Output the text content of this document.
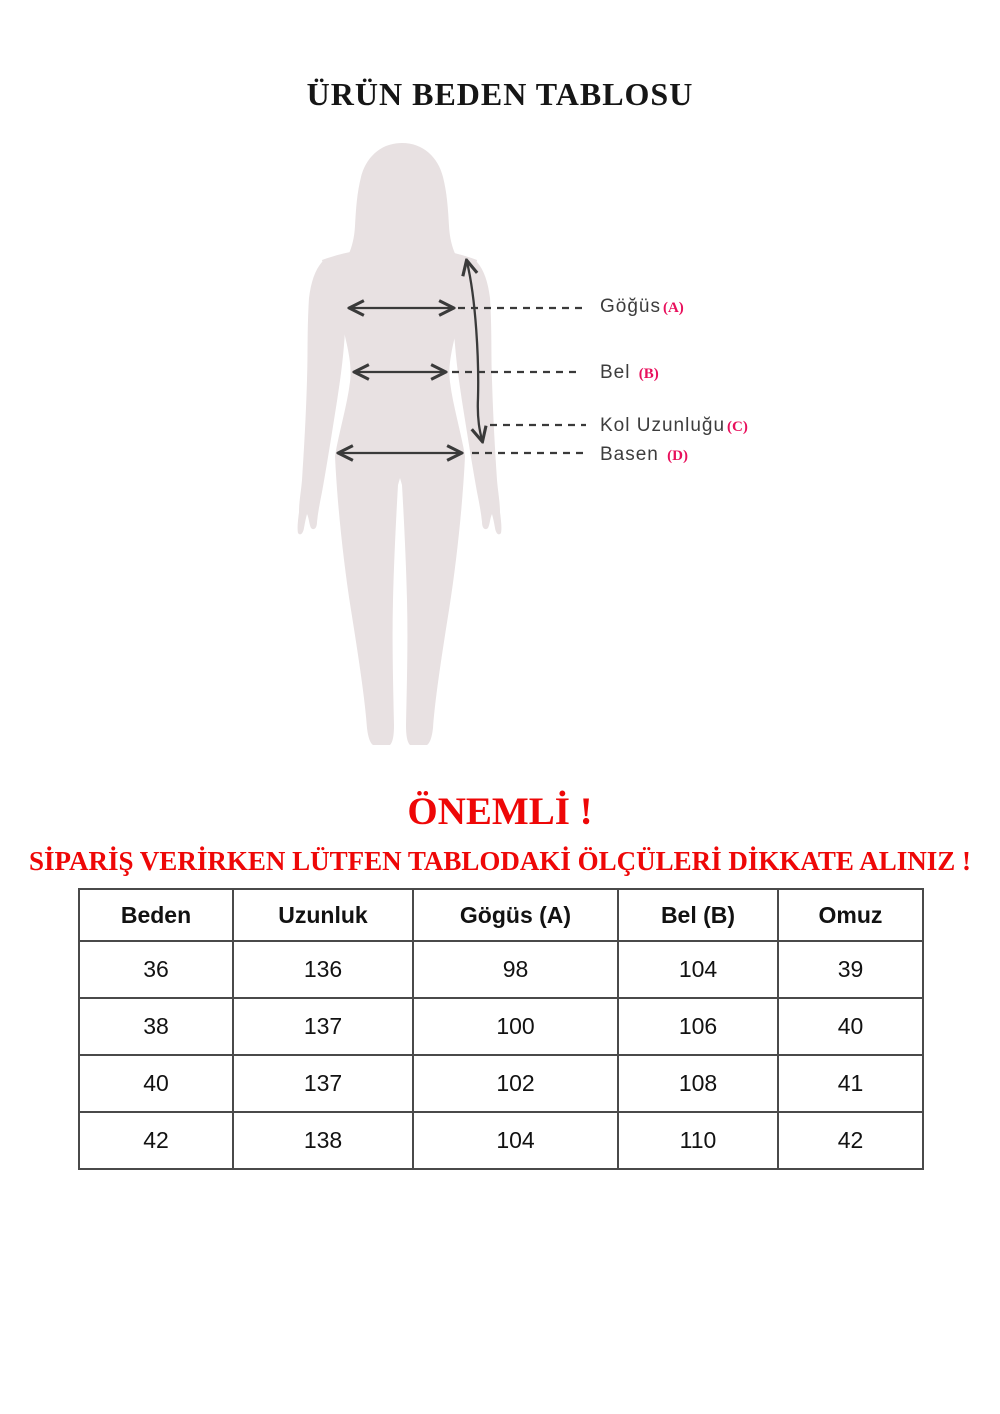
ÜRÜN BEDEN TABLOSU
Göğüs (A)
Bel (B)
Kol Uzunluğu (C)
Basen (D)
ÖNEMLİ !
SİPARİŞ VERİRKEN LÜTFEN TABLODAKİ ÖLÇÜLERİ DİKKATE ALINIZ !
Beden	Uzunluk	Gögüs (A)	Bel (B)	Omuz
36	136	98	104	39
38	137	100	106	40
40	137	102	108	41
42	138	104	110	42
